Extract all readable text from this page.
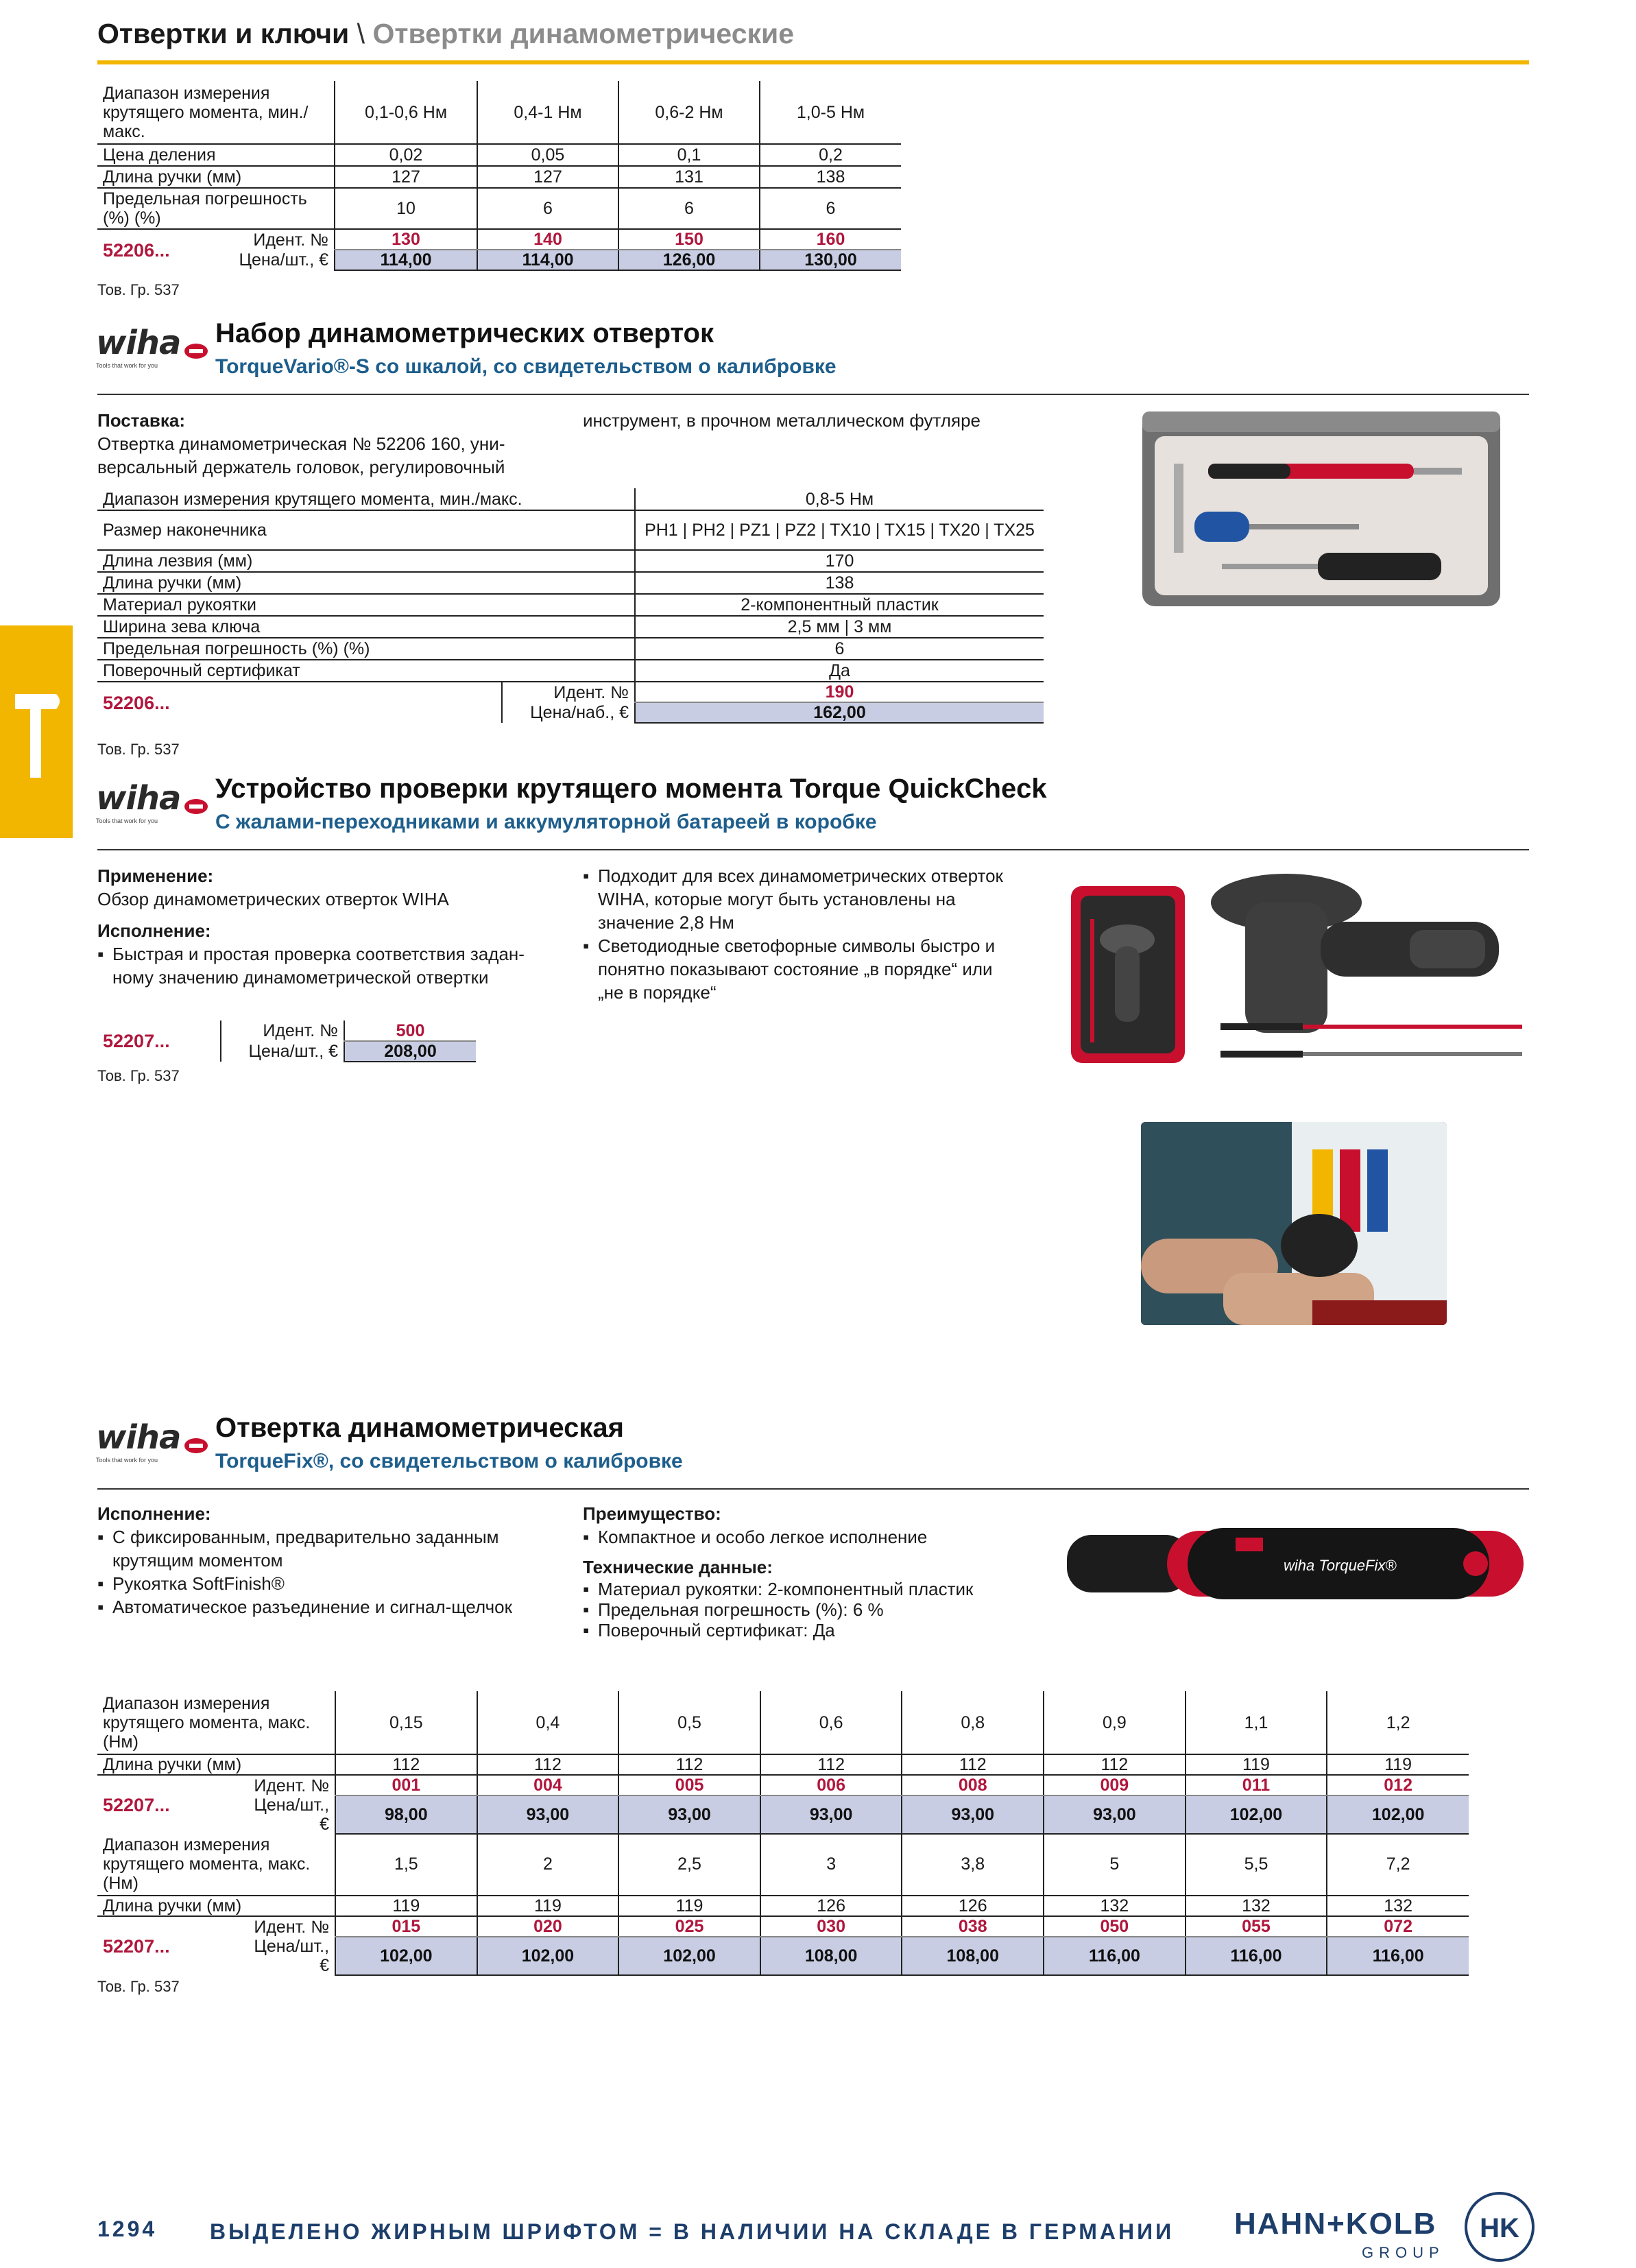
Отвертки и ключи \ Отвертки динамометрические
Диапазон измерения крутящего момента, мин./макс.	0,1-0,6 Нм	0,4-1 Нм	0,6-2 Нм	1,0-5 Нм
Цена деления	0,02	0,05	0,1	0,2
Длина ручки (мм)	127	127	131	138
Предельная погрешность (%) (%)	10	6	6	6
Идент. №	130	140	150	160
Цена/шт., €	114,00	114,00	126,00	130,00
52206...
Тов. Гр. 537
wiha
Tools that work for you
Набор динамометрических отверток
TorqueVario®-S со шкалой, со свидетельством о калибровке
Поставка:
Отвертка динамометрическая № 52206 160, уни-
версальный держатель головок, регулировочный
инструмент, в прочном металлическом футляре
Диапазон измерения крутящего момента, мин./макс.		0,8-5 Нм
Размер наконечника		PH1 | PH2 | PZ1 | PZ2 | TX10 | TX15 | TX20 | TX25
Длина лезвия (мм)		170
Длина ручки (мм)		138
Материал рукоятки		2-компонентный пластик
Ширина зева ключа		2,5 мм | 3 мм
Предельная погрешность (%) (%)		6
Поверочный сертификат		Да
52206...	Идент. №	190
	Цена/наб., €	162,00
Тов. Гр. 537
wiha
Tools that work for you
Устройство проверки крутящего момента Torque QuickCheck
С жалами-переходниками и аккумуляторной батареей в коробке
Применение:
Обзор динамометрических отверток WIHA
Исполнение:
▪ Быстрая и простая проверка соответствия задан-
ному значению динамометрической отвертки
▪ Подходит для всех динамометрических отверток
WIHA, которые могут быть установлены на
значение 2,8 Нм
▪ Светодиодные светофорные символы быстро и
понятно показывают состояние „в порядке“ или
„не в порядке“
52207...	Идент. №	500
	Цена/шт., €	208,00
Тов. Гр. 537
wiha
Tools that work for you
Отвертка динамометрическая
TorqueFix®, со свидетельством о калибровке
Исполнение:
▪ С фиксированным, предварительно заданным
крутящим моментом
▪ Рукоятка SoftFinish®
▪ Автоматическое разъединение и сигнал-щелчок
Преимущество:
▪ Компактное и особо легкое исполнение
Технические данные:
▪ Материал рукоятки: 2-компонентный пластик
▪ Предельная погрешность (%): 6 %
▪ Поверочный сертификат: Да
wiha TorqueFix®
Диапазон измерения крутящего момента, макс. (Нм)		0,15	0,4	0,5	0,6	0,8	0,9	1,1	1,2
Длина ручки (мм)		112	112	112	112	112	112	119	119
52207...	Идент. №	001	004	005	006	008	009	011	012
	Цена/шт., €	98,00	93,00	93,00	93,00	93,00	93,00	102,00	102,00
Диапазон измерения крутящего момента, макс. (Нм)		1,5	2	2,5	3	3,8	5	5,5	7,2
Длина ручки (мм)		119	119	119	126	126	132	132	132
52207...	Идент. №	015	020	025	030	038	050	055	072
	Цена/шт., €	102,00	102,00	102,00	108,00	108,00	116,00	116,00	116,00
Тов. Гр. 537
1294 ВЫДЕЛЕНО ЖИРНЫМ ШРИФТОМ = В НАЛИЧИИ НА СКЛАДЕ В ГЕРМАНИИ HAHN+KOLB
GROUP
HK
